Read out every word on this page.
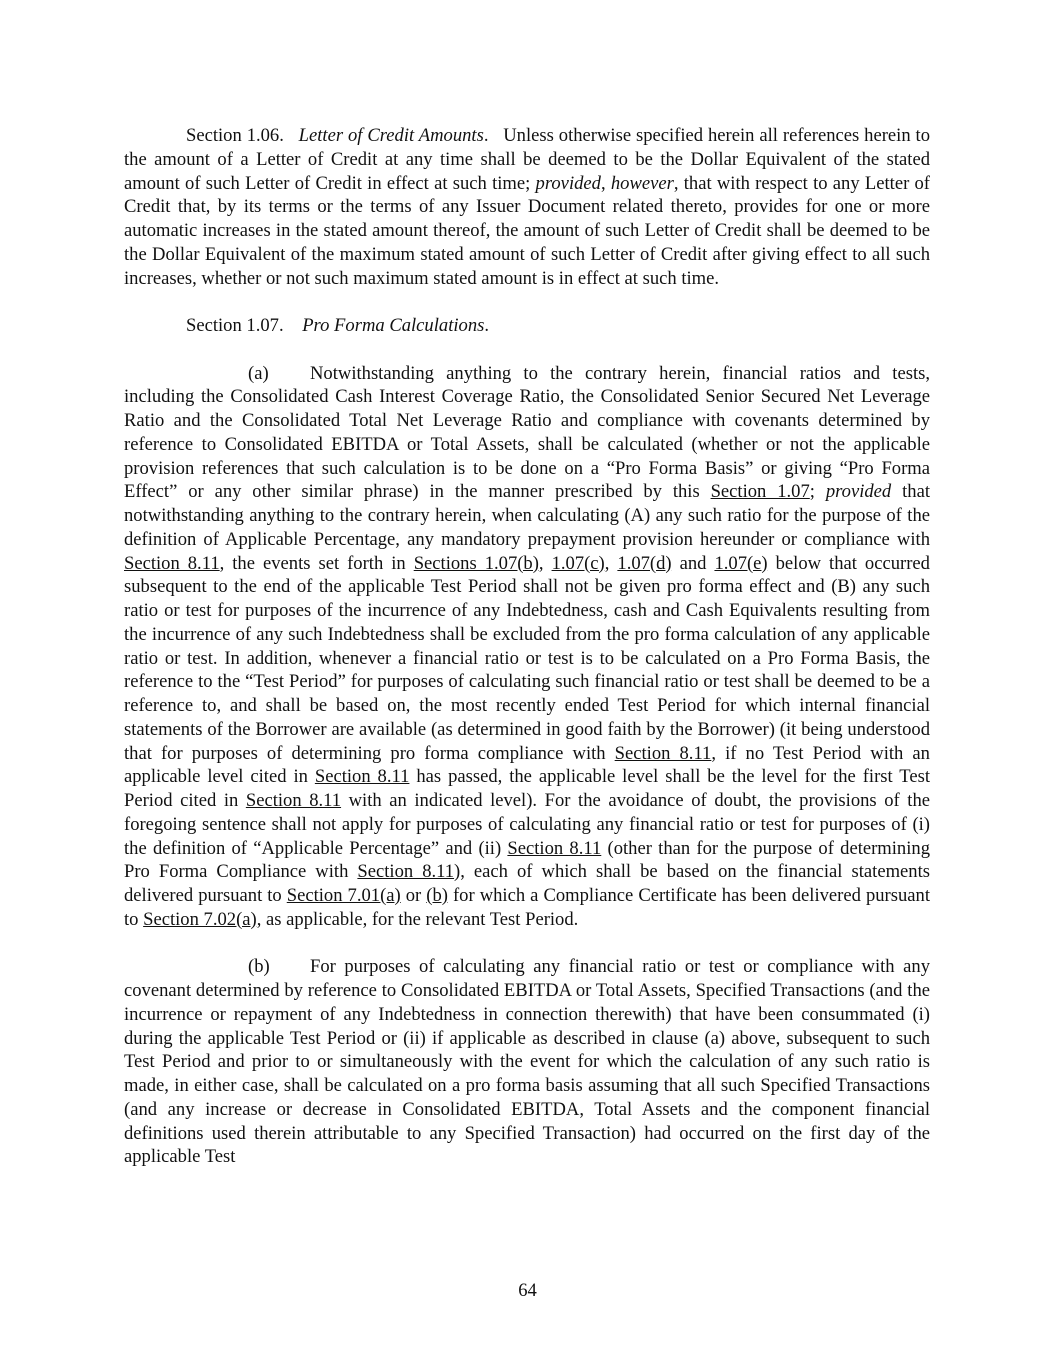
Section 1.06. Letter of Credit Amounts.   Unless otherwise specified herein all references herein to the amount of a Letter of Credit at any time shall be deemed to be the Dollar Equivalent of the stated amount of such Letter of Credit in effect at such time; provided, however, that with respect to any Letter of Credit that, by its terms or the terms of any Issuer Document related thereto, provides for one or more automatic increases in the stated amount thereof, the amount of such Letter of Credit shall be deemed to be the Dollar Equivalent of the maximum stated amount of such Letter of Credit after giving effect to all such increases, whether or not such maximum stated amount is in effect at such time.

Section 1.07. Pro Forma Calculations.

(a) Notwithstanding anything to the contrary herein, financial ratios and tests, including the Consolidated Cash Interest Coverage Ratio, the Consolidated Senior Secured Net Leverage Ratio and the Consolidated Total Net Leverage Ratio and compliance with covenants determined by reference to Consolidated EBITDA or Total Assets, shall be calculated (whether or not the applicable provision references that such calculation is to be done on a “Pro Forma Basis” or giving “Pro Forma Effect” or any other similar phrase) in the manner prescribed by this Section 1.07; provided that notwithstanding anything to the contrary herein, when calculating (A) any such ratio for the purpose of the definition of Applicable Percentage, any mandatory prepayment provision hereunder or compliance with Section 8.11, the events set forth in Sections 1.07(b), 1.07(c), 1.07(d) and 1.07(e) below that occurred subsequent to the end of the applicable Test Period shall not be given pro forma effect and (B) any such ratio or test for purposes of the incurrence of any Indebtedness, cash and Cash Equivalents resulting from the incurrence of any such Indebtedness shall be excluded from the pro forma calculation of any applicable ratio or test. In addition, whenever a financial ratio or test is to be calculated on a Pro Forma Basis, the reference to the “Test Period” for purposes of calculating such financial ratio or test shall be deemed to be a reference to, and shall be based on, the most recently ended Test Period for which internal financial statements of the Borrower are available (as determined in good faith by the Borrower) (it being understood that for purposes of determining pro forma compliance with Section 8.11, if no Test Period with an applicable level cited in Section 8.11 has passed, the applicable level shall be the level for the first Test Period cited in Section 8.11 with an indicated level). For the avoidance of doubt, the provisions of the foregoing sentence shall not apply for purposes of calculating any financial ratio or test for purposes of (i) the definition of “Applicable Percentage” and (ii) Section 8.11 (other than for the purpose of determining Pro Forma Compliance with Section 8.11), each of which shall be based on the financial statements delivered pursuant to Section 7.01(a) or (b) for which a Compliance Certificate has been delivered pursuant to Section 7.02(a), as applicable, for the relevant Test Period.

(b) For purposes of calculating any financial ratio or test or compliance with any covenant determined by reference to Consolidated EBITDA or Total Assets, Specified Transactions (and the incurrence or repayment of any Indebtedness in connection therewith) that have been consummated (i) during the applicable Test Period or (ii) if applicable as described in clause (a) above, subsequent to such Test Period and prior to or simultaneously with the event for which the calculation of any such ratio is made, in either case, shall be calculated on a pro forma basis assuming that all such Specified Transactions (and any increase or decrease in Consolidated EBITDA, Total Assets and the component financial definitions used therein attributable to any Specified Transaction) had occurred on the first day of the applicable Test

64
